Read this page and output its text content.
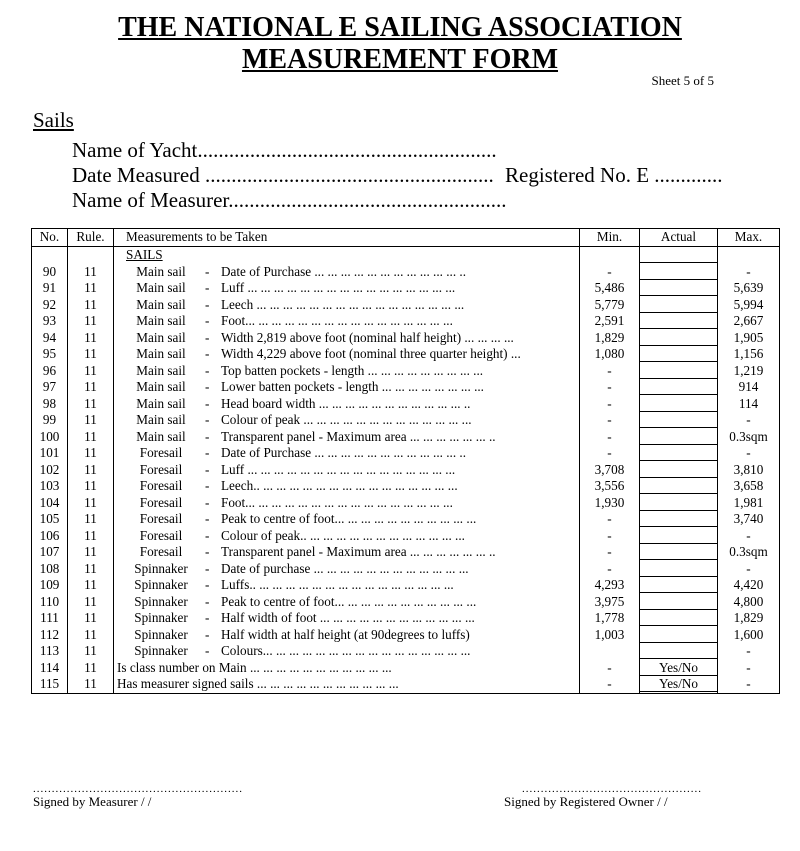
THE NATIONAL E SAILING ASSOCIATION
MEASUREMENT FORM
Sheet 5 of 5
Sails
Name of Yacht.........................................................
Date Measured ....................................................... Registered No. E .............
Name of Measurer.....................................................
No.	Rule.	Measurements to be Taken	Min.	Actual	Max.
		SAILS		

90	11	Main sail - Date of Purchase ... ... ... ... ... ... ... ... ... ... ... ..	-		-
91	11	Main sail - Luff ... ... ... ... ... ... ... ... ... ... ... ... ... ... ... ...	5,486		5,639
92	11	Main sail - Leech ... ... ... ... ... ... ... ... ... ... ... ... ... ... ... ...	5,779		5,994
93	11	Main sail - Foot... ... ... ... ... ... ... ... ... ... ... ... ... ... ... ...	2,591		2,667
94	11	Main sail - Width 2,819 above foot (nominal half height) ... ... ... ...	1,829		1,905
95	11	Main sail - Width 4,229 above foot (nominal three quarter height) ...	1,080		1,156
96	11	Main sail - Top batten pockets - length ... ... ... ... ... ... ... ... ...	-		1,219
97	11	Main sail - Lower batten pockets - length ... ... ... ... ... ... ... ...	-		914
98	11	Main sail - Head board width ... ... ... ... ... ... ... ... ... ... ... ..	-		114
99	11	Main sail - Colour of peak ... ... ... ... ... ... ... ... ... ... ... ... ...	-		-
100	11	Main sail - Transparent panel - Maximum area ... ... ... ... ... ... ..	-		0.3sqm
101	11	Foresail - Date of Purchase ... ... ... ... ... ... ... ... ... ... ... ..	-		-
102	11	Foresail - Luff ... ... ... ... ... ... ... ... ... ... ... ... ... ... ... ...	3,708		3,810
103	11	Foresail - Leech.. ... ... ... ... ... ... ... ... ... ... ... ... ... ... ...	3,556		3,658
104	11	Foresail - Foot... ... ... ... ... ... ... ... ... ... ... ... ... ... ... ...	1,930		1,981
105	11	Foresail - Peak to centre of foot... ... ... ... ... ... ... ... ... ... ...	-		3,740
106	11	Foresail - Colour of peak.. ... ... ... ... ... ... ... ... ... ... ... ...	-		-
107	11	Foresail - Transparent panel - Maximum area ... ... ... ... ... ... ..	-		0.3sqm
108	11	Spinnaker - Date of purchase ... ... ... ... ... ... ... ... ... ... ... ...	-		-
109	11	Spinnaker - Luffs.. ... ... ... ... ... ... ... ... ... ... ... ... ... ... ...	4,293		4,420
110	11	Spinnaker - Peak to centre of foot... ... ... ... ... ... ... ... ... ... ...	3,975		4,800
111	11	Spinnaker - Half width of foot ... ... ... ... ... ... ... ... ... ... ... ...	1,778		1,829
112	11	Spinnaker - Half width at half height (at 90degrees to luffs)	1,003		1,600
113	11	Spinnaker - Colours... ... ... ... ... ... ... ... ... ... ... ... ... ... ... ...			-
114	11	Is class number on Main ... ... ... ... ... ... ... ... ... ... ...	-	Yes/No	-
115	11	Has measurer signed sails ... ... ... ... ... ... ... ... ... ... ...	-	Yes/No	-
........................................................
Signed by Measurer / /
................................................
Signed by Registered Owner / /
